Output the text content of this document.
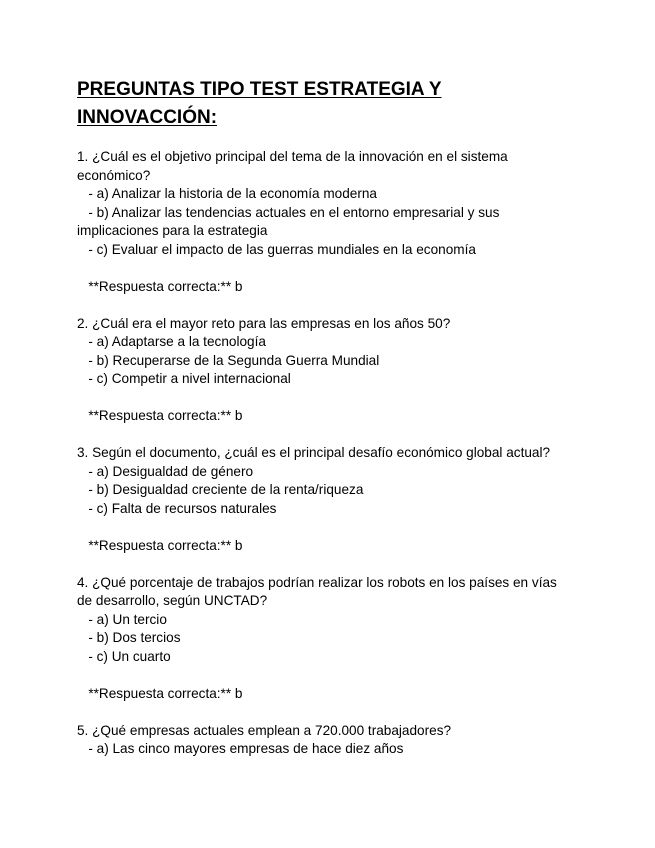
PREGUNTAS TIPO TEST ESTRATEGIA Y INNOVACCIÓN:
1. ¿Cuál es el objetivo principal del tema de la innovación en el sistema
económico?
- a) Analizar la historia de la economía moderna
- b) Analizar las tendencias actuales en el entorno empresarial y sus
implicaciones para la estrategia
- c) Evaluar el impacto de las guerras mundiales en la economía
**Respuesta correcta:** b
2. ¿Cuál era el mayor reto para las empresas en los años 50?
- a) Adaptarse a la tecnología
- b) Recuperarse de la Segunda Guerra Mundial
- c) Competir a nivel internacional
**Respuesta correcta:** b
3. Según el documento, ¿cuál es el principal desafío económico global actual?
- a) Desigualdad de género
- b) Desigualdad creciente de la renta/riqueza
- c) Falta de recursos naturales
**Respuesta correcta:** b
4. ¿Qué porcentaje de trabajos podrían realizar los robots en los países en vías
de desarrollo, según UNCTAD?
- a) Un tercio
- b) Dos tercios
- c) Un cuarto
**Respuesta correcta:** b
5. ¿Qué empresas actuales emplean a 720.000 trabajadores?
- a) Las cinco mayores empresas de hace diez años
